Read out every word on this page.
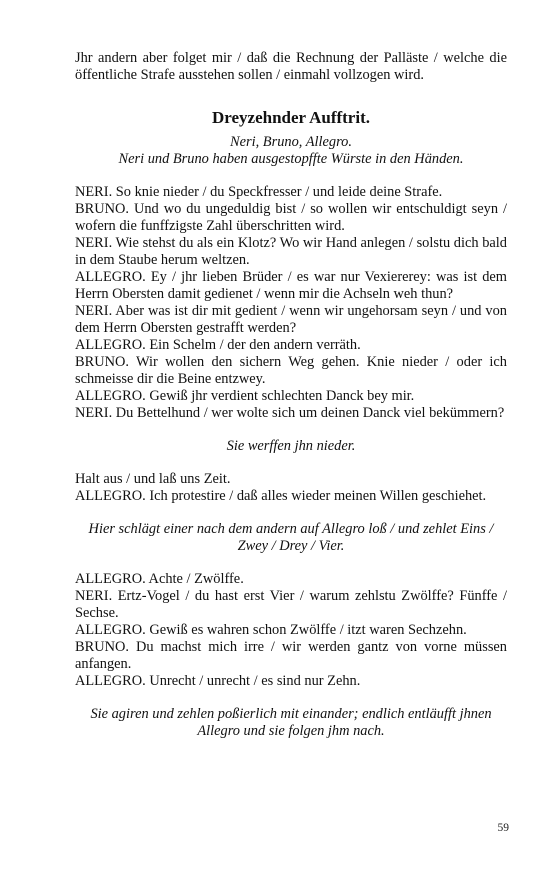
Jhr andern aber folget mir / daß die Rechnung der Palläste / welche die öffentliche Strafe ausstehen sollen / einmahl vollzogen wird.

Dreyzehnder Aufftrit.

Neri, Bruno, Allegro.

Neri und Bruno haben ausgestopffte Würste in den Händen.

NERI. So knie nieder / du Speckfresser / und leide deine Strafe.

BRUNO. Und wo du ungeduldig bist / so wollen wir entschuldigt seyn / wofern die funffzigste Zahl überschritten wird.

NERI. Wie stehst du als ein Klotz? Wo wir Hand anlegen / solstu dich bald in dem Staube herum weltzen.

ALLEGRO. Ey / jhr lieben Brüder / es war nur Vexiererey: was ist dem Herrn Obersten damit gedienet / wenn mir die Achseln weh thun?

NERI. Aber was ist dir mit gedient / wenn wir ungehorsam seyn / und von dem Herrn Obersten gestrafft werden?

ALLEGRO. Ein Schelm / der den andern verräth.

BRUNO. Wir wollen den sichern Weg gehen. Knie nieder / oder ich schmeisse dir die Beine entzwey.

ALLEGRO. Gewiß jhr verdient schlechten Danck bey mir.

NERI. Du Bettelhund / wer wolte sich um deinen Danck viel bekümmern?

Sie werffen jhn nieder.

Halt aus / und laß uns Zeit.

ALLEGRO. Ich protestire / daß alles wieder meinen Willen geschiehet.

Hier schlägt einer nach dem andern auf Allegro loß / und zehlet Eins / Zwey / Drey / Vier.

ALLEGRO. Achte / Zwölffe.

NERI. Ertz-Vogel / du hast erst Vier / warum zehlstu Zwölffe? Fünffe / Sechse.

ALLEGRO. Gewiß es wahren schon Zwölffe / itzt waren Sechzehn.

BRUNO. Du machst mich irre / wir werden gantz von vorne müssen anfangen.

ALLEGRO. Unrecht / unrecht / es sind nur Zehn.

Sie agiren und zehlen poßierlich mit einander; endlich entläufft jhnen Allegro und sie folgen jhm nach.

59
